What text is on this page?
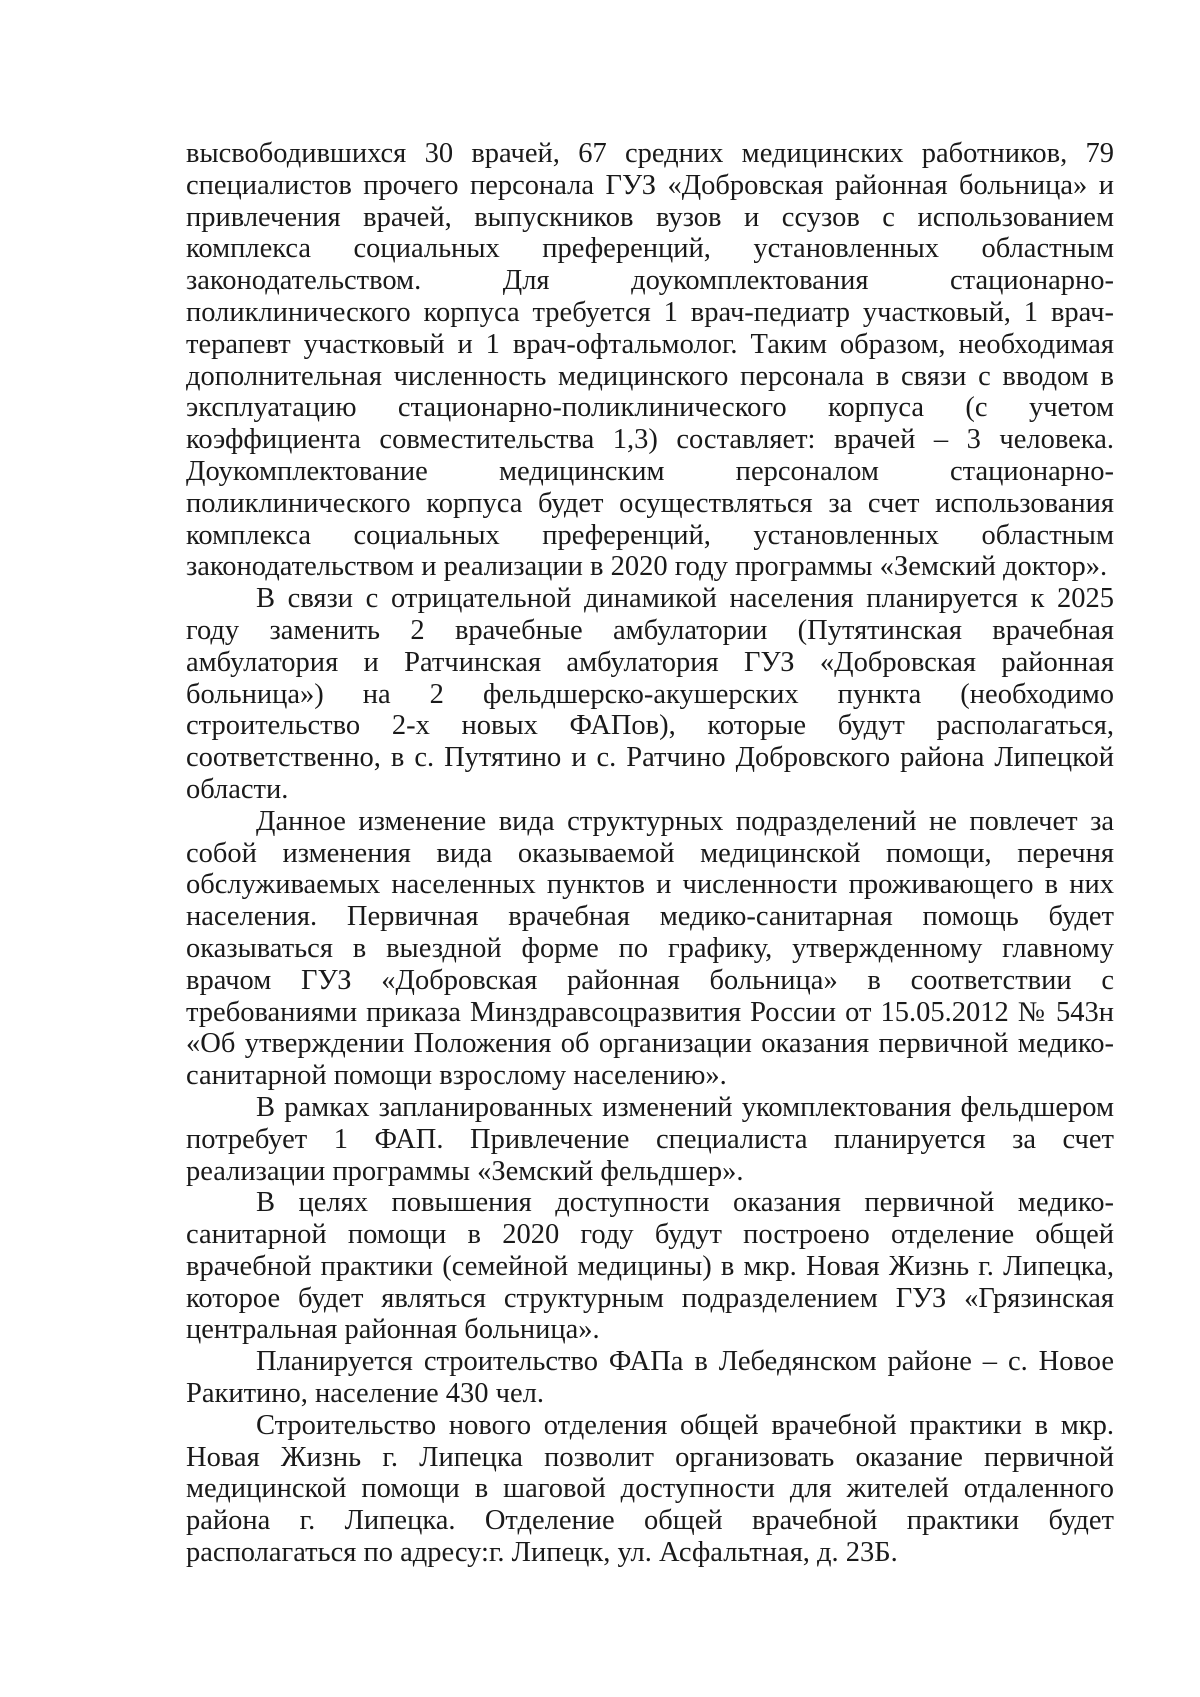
высвободившихся 30 врачей, 67 средних медицинских работников, 79 специалистов прочего персонала ГУЗ «Добровская районная больница» и привлечения врачей, выпускников вузов и ссузов с использованием комплекса социальных преференций, установленных областным законодательством. Для доукомплектования стационарно-поликлинического корпуса требуется 1 врач-педиатр участковый, 1 врач-терапевт участковый и 1 врач-офтальмолог. Таким образом, необходимая дополнительная численность медицинского персонала в связи с вводом в эксплуатацию стационарно-поликлинического корпуса (с учетом коэффициента совместительства 1,3) составляет: врачей – 3 человека. Доукомплектование медицинским персоналом стационарно-поликлинического корпуса будет осуществляться за счет использования комплекса социальных преференций, установленных областным законодательством и реализации в 2020 году программы «Земский доктор».

В связи с отрицательной динамикой населения планируется к 2025 году заменить 2 врачебные амбулатории (Путятинская врачебная амбулатория и Ратчинская амбулатория ГУЗ «Добровская районная больница») на 2 фельдшерско-акушерских пункта (необходимо строительство 2-х новых ФАПов), которые будут располагаться, соответственно, в с. Путятино и с. Ратчино Добровского района Липецкой области.

Данное изменение вида структурных подразделений не повлечет за собой изменения вида оказываемой медицинской помощи, перечня обслуживаемых населенных пунктов и численности проживающего в них населения. Первичная врачебная медико-санитарная помощь будет оказываться в выездной форме по графику, утвержденному главному врачом ГУЗ «Добровская районная больница» в соответствии с требованиями приказа Минздравсоцразвития России от 15.05.2012 № 543н «Об утверждении Положения об организации оказания первичной медико-санитарной помощи взрослому населению».

В рамках запланированных изменений укомплектования фельдшером потребует 1 ФАП. Привлечение специалиста планируется за счет реализации программы «Земский фельдшер».

В целях повышения доступности оказания первичной медико-санитарной помощи в 2020 году будут построено отделение общей врачебной практики (семейной медицины) в мкр. Новая Жизнь г. Липецка, которое будет являться структурным подразделением ГУЗ «Грязинская центральная районная больница».

Планируется строительство ФАПа в Лебедянском районе – с. Новое Ракитино, население 430 чел.

Строительство нового отделения общей врачебной практики в мкр. Новая Жизнь г. Липецка позволит организовать оказание первичной медицинской помощи в шаговой доступности для жителей отдаленного района г. Липецка. Отделение общей врачебной практики будет располагаться по адресу:г. Липецк, ул. Асфальтная, д. 23Б.
